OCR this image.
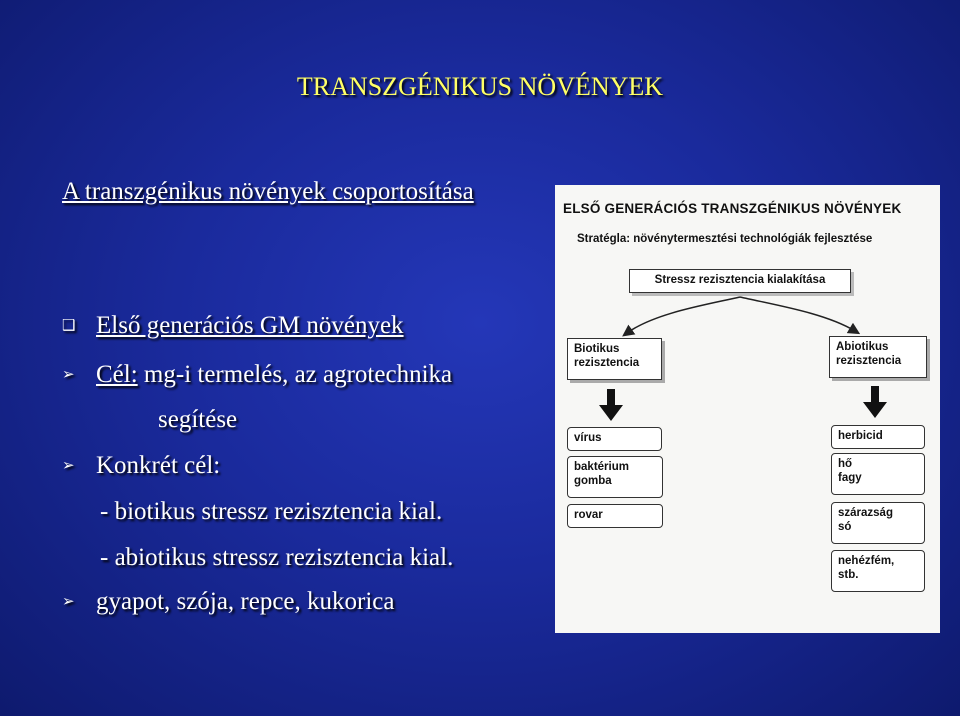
TRANSZGÉNIKUS NÖVÉNYEK
A transzgénikus növények csoportosítása
❑ Első generációs GM növények
➢ Cél: mg-i termelés, az agrotechnika
segítése
➢ Konkrét cél:
- biotikus stressz rezisztencia kial.
- abiotikus stressz rezisztencia kial.
➢ gyapot, szója, repce, kukorica
ELSŐ GENERÁCIÓS TRANSZGÉNIKUS NÖVÉNYEK
Stratégla: növénytermesztési technológiák fejlesztése
Stressz rezisztencia kialakítása
Biotikus
rezisztencia
Abiotikus
rezisztencia
vírus
baktérium
gomba
rovar
herbicid
hő
fagy
szárazság
só
nehézfém,
stb.
